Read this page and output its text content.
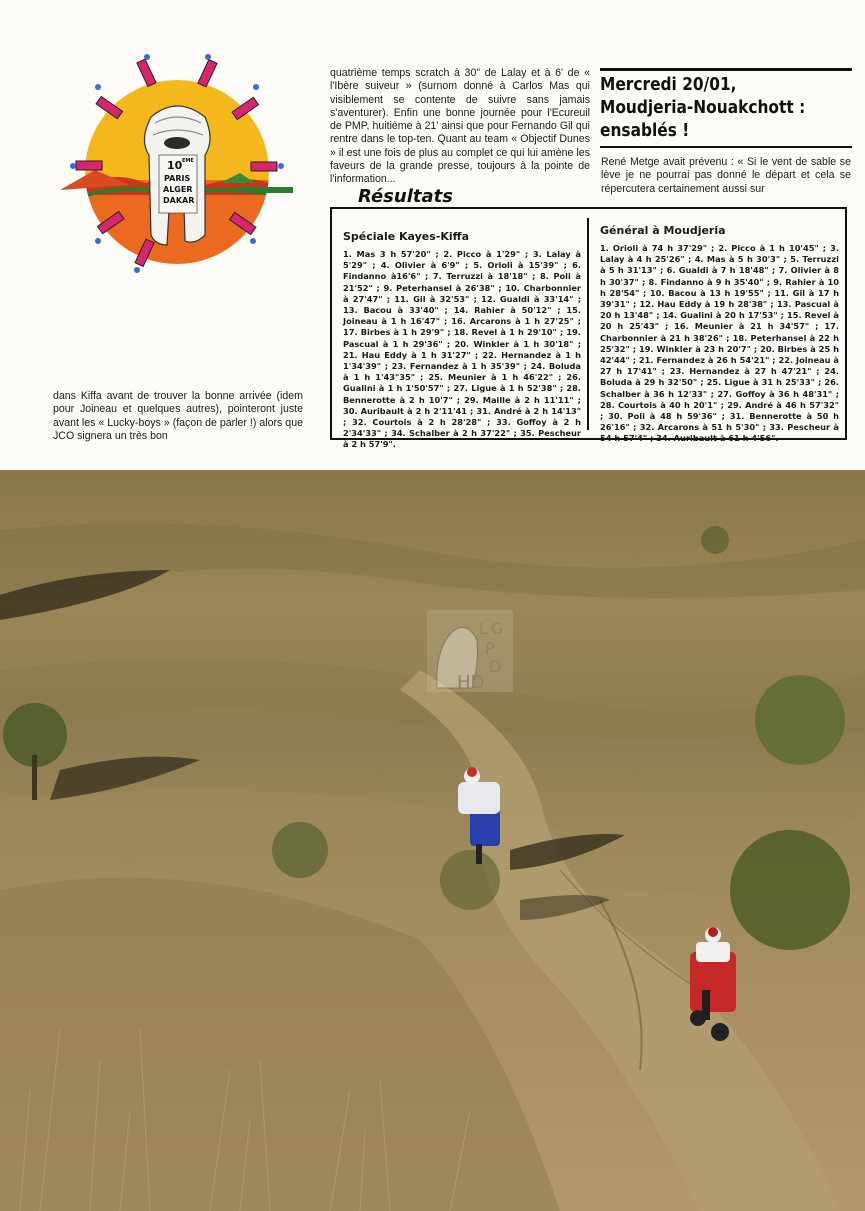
10 EME
PARIS
ALGER
DAKAR

quatrième temps scratch à 30" de Lalay et à 6' de « l'Ibère suiveur » (surnom donné à Carlos Mas qui visiblement se contente de suivre sans jamais s'aventurer). Enfin une bonne journée pour l'Ecureuil de PMP, huitième à 21' ainsi que pour Fernando Gil qui rentre dans le top-ten. Quant au team « Objectif Dunes » il est une fois de plus au complet ce qui lui amène les faveurs de la grande presse, toujours à la pointe de l'information...

dans Kiffa avant de trouver la bonne arrivée (idem pour Joineau et quelques autres), pointeront juste avant les « Lucky-boys » (façon de parler !) alors que JCO signera un très bon

Mercredi 20/01,
Moudjeria-Nouakchott :
ensablés !

René Metge avait prévenu : « Si le vent de sable se lève je ne pourrai pas donné le départ et cela se répercutera certainement aussi sur

Résultats
Spéciale Kayes-Kiffa

1. Mas 3 h 57'20" ; 2. Picco à 1'29" ; 3. Lalay à 5'29" ; 4. Olivier à 6'9" ; 5. Orioli à 15'39" ; 6. Findanno à16'6" ; 7. Terruzzi à 18'18" ; 8. Poli à 21'52" ; 9. Peterhansel à 26'38" ; 10. Charbonnier à 27'47" ; 11. Gil à 32'53" ; 12. Gualdi à 33'14" ; 13. Bacou à 33'40" ; 14. Rahier à 50'12" ; 15. Joineau à 1 h 16'47" ; 16. Arcarons à 1 h 27'25" ; 17. Birbes à 1 h 29'9" ; 18. Revel à 1 h 29'10" ; 19. Pascual à 1 h 29'36" ; 20. Winkler à 1 h 30'18" ; 21. Hau Eddy à 1 h 31'27" ; 22. Hernandez à 1 h 1'34'39" ; 23. Fernandez à 1 h 35'39" ; 24. Boluda à 1 h 1'43"35" ; 25. Meunier à 1 h 46'22" ; 26. Gualini à 1 h 1'50'57" ; 27. Ligue à 1 h 52'38" ; 28. Bennerotte à 2 h 10'7" ; 29. Maille à 2 h 11'11" ; 30. Auribault à 2 h 2'11'41 ; 31. André à 2 h 14'13" ; 32. Courtois à 2 h 28'28" ; 33. Goffoy à 2 h 2'34'33" ; 34. Schalber à 2 h 37'22" ; 35. Pescheur à 2 h 57'9".

Général à Moudjeria

1. Orioli à 74 h 37'29" ; 2. Picco à 1 h 10'45" ; 3. Lalay à 4 h 25'26" ; 4. Mas à 5 h 30'3" ; 5. Terruzzi à 5 h 31'13" ; 6. Gualdi à 7 h 18'48" ; 7. Olivier à 8 h 30'37" ; 8. Findanno à 9 h 35'40" ; 9. Rahier à 10 h 28'54" ; 10. Bacou à 13 h 19'55" ; 11. Gil à 17 h 39'31" ; 12. Hau Eddy à 19 h 28'38" ; 13. Pascual à 20 h 13'48" ; 14. Gualini à 20 h 17'53" ; 15. Revel à 20 h 25'43" ; 16. Meunier à 21 h 34'57" ; 17. Charbonnier à 21 h 38'26" ; 18. Peterhansel à 22 h 25'32" ; 19. Winkler à 23 h 20'7" ; 20. Birbes à 25 h 42'44" ; 21. Fernandez à 26 h 54'21" ; 22. Joineau à 27 h 17'41" ; 23. Hernandez à 27 h 47'21" ; 24. Boluda à 29 h 32'50" ; 25. Ligue à 31 h 25'33" ; 26. Schalber à 36 h 12'33" ; 27. Goffoy à 36 h 48'31" ; 28. Courtois à 40 h 20'1" ; 29. André à 46 h 57'32" ; 30. Poli à 48 h 59'36" ; 31. Bennerotte à 50 h 26'16" ; 32. Arcarons à 51 h 5'30" ; 33. Pescheur à 54 h 57'4" ; 34. Auribault à 61 h 4'56".

L G
P
D
HD
